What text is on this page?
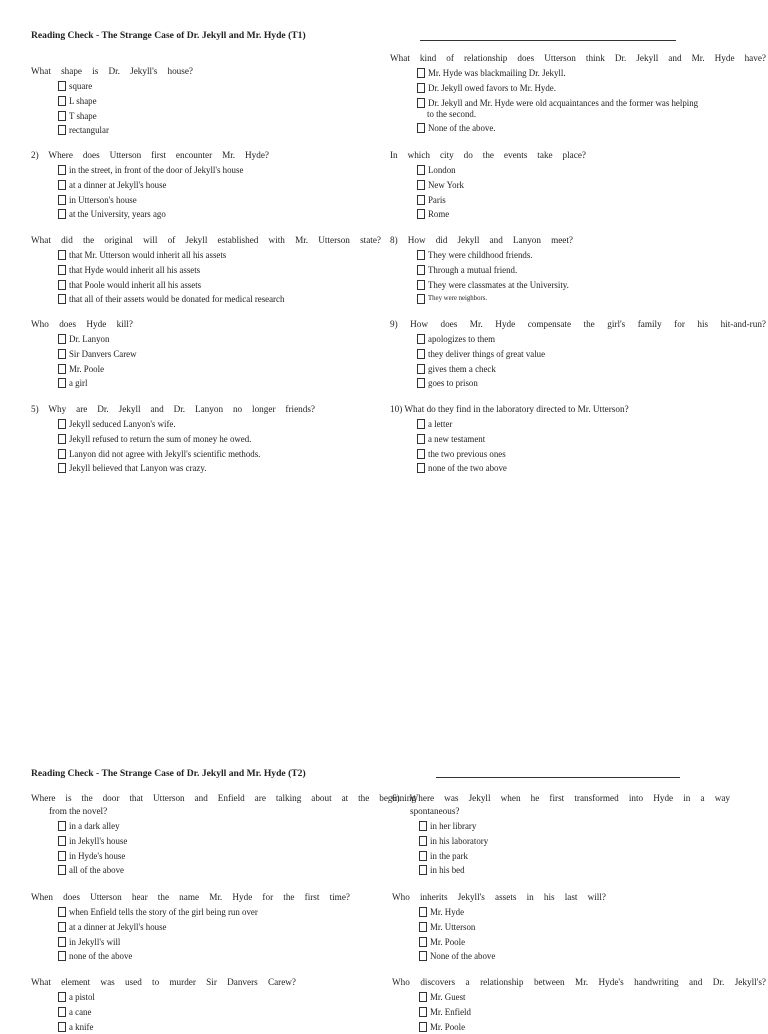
Reading Check - The Strange Case of Dr. Jekyll and Mr. Hyde (T1)
What shape is Dr. Jekyll's house?
square
L shape
T shape
rectangular
2) Where does Utterson first encounter Mr. Hyde?
in the street, in front of the door of Jekyll's house
at a dinner at Jekyll's house
in Utterson's house
at the University, years ago
What did the original will of Jekyll established with Mr. Utterson state?
that Mr. Utterson would inherit all his assets
that Hyde would inherit all his assets
that Poole would inherit all his assets
that all of their assets would be donated for medical research
Who does Hyde kill?
Dr. Lanyon
Sir Danvers Carew
Mr. Poole
a girl
5) Why are Dr. Jekyll and Dr. Lanyon no longer friends?
Jekyll seduced Lanyon's wife.
Jekyll refused to return the sum of money he owed.
Lanyon did not agree with Jekyll's scientific methods.
Jekyll believed that Lanyon was crazy.
What kind of relationship does Utterson think Dr. Jekyll and Mr. Hyde have?
Mr. Hyde was blackmailing Dr. Jekyll.
Dr. Jekyll owed favors to Mr. Hyde.
Dr. Jekyll and Mr. Hyde were old acquaintances and the former was helping
to the second.
None of the above.
In which city do the events take place?
London
New York
Paris
Rome
8) How did Jekyll and Lanyon meet?
They were childhood friends.
Through a mutual friend.
They were classmates at the University.
They were neighbors.
9) How does Mr. Hyde compensate the girl's family for his hit-and-run?
apologizes to them
they deliver things of great value
gives them a check
goes to prison
10) What do they find in the laboratory directed to Mr. Utterson?
a letter
a new testament
the two previous ones
none of the two above
Reading Check - The Strange Case of Dr. Jekyll and Mr. Hyde (T2)
Where is the door that Utterson and Enfield are talking about at the beginning
from the novel?
in a dark alley
in Jekyll's house
in Hyde's house
all of the above
When does Utterson hear the name Mr. Hyde for the first time?
when Enfield tells the story of the girl being run over
at a dinner at Jekyll's house
in Jekyll's will
none of the above
What element was used to murder Sir Danvers Carew?
a pistol
a cane
a knife
6) Where was Jekyll when he first transformed into Hyde in a way
spontaneous?
in her library
in his laboratory
in the park
in his bed
Who inherits Jekyll's assets in his last will?
Mr. Hyde
Mr. Utterson
Mr. Poole
None of the above
Who discovers a relationship between Mr. Hyde's handwriting and Dr. Jekyll's?
Mr. Guest
Mr. Enfield
Mr. Poole
